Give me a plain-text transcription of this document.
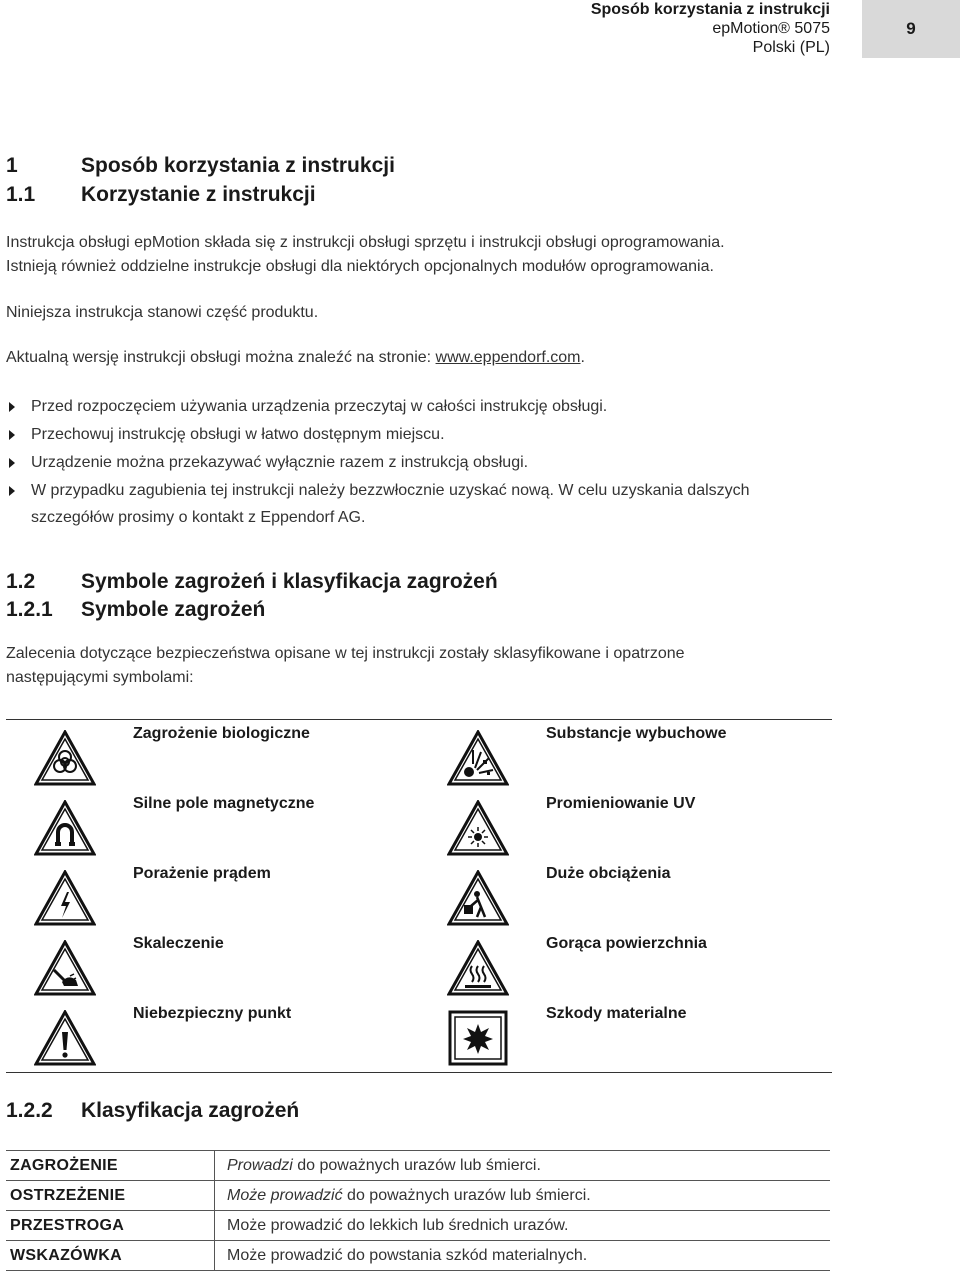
Sposób korzystania z instrukcji
epMotion® 5075
Polski (PL)
9
1	Sposób korzystania z instrukcji
1.1 Korzystanie z instrukcji
Instrukcja obsługi epMotion składa się z instrukcji obsługi sprzętu i instrukcji obsługi oprogramowania.
Istnieją również oddzielne instrukcje obsługi dla niektórych opcjonalnych modułów oprogramowania.
Niniejsza instrukcja stanowi część produktu.
Aktualną wersję instrukcji obsługi można znaleźć na stronie: www.eppendorf.com.
Przed rozpoczęciem używania urządzenia przeczytaj w całości instrukcję obsługi.
Przechowuj instrukcję obsługi w łatwo dostępnym miejscu.
Urządzenie można przekazywać wyłącznie razem z instrukcją obsługi.
W przypadku zagubienia tej instrukcji należy bezzwłocznie uzyskać nową. W celu uzyskania dalszych
szczegółów prosimy o kontakt z Eppendorf AG.
1.2 Symbole zagrożeń i klasyfikacja zagrożeń
1.2.1 Symbole zagrożeń
Zalecenia dotyczące bezpieczeństwa opisane w tej instrukcji zostały sklasyfikowane i opatrzone
następującymi symbolami:
Zagrożenie biologiczne	Substancje wybuchowe
Silne pole magnetyczne	Promieniowanie UV
Porażenie prądem	Duże obciążenia
Skaleczenie	Gorąca powierzchnia
Niebezpieczny punkt	Szkody materialne
1.2.2 Klasyfikacja zagrożeń
ZAGROŻENIE	Prowadzi do poważnych urazów lub śmierci.
OSTRZEŻENIE	Może prowadzić do poważnych urazów lub śmierci.
PRZESTROGA	Może prowadzić do lekkich lub średnich urazów.
WSKAZÓWKA	Może prowadzić do powstania szkód materialnych.
